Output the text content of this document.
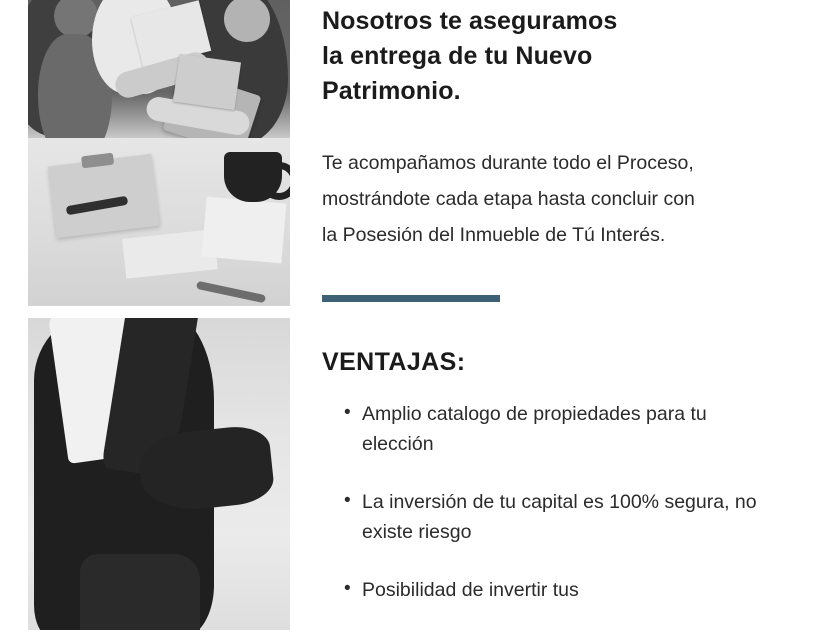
Nosotros te aseguramos la entrega de tu Nuevo Patrimonio.

Te acompañamos durante todo el Proceso, mostrándote cada etapa hasta concluir con la Posesión del Inmueble de Tú Interés.

VENTAJAS:
• Amplio catalogo de propiedades para tu elección
• La inversión de tu capital es 100% segura, no existe riesgo
• Posibilidad de invertir tus
